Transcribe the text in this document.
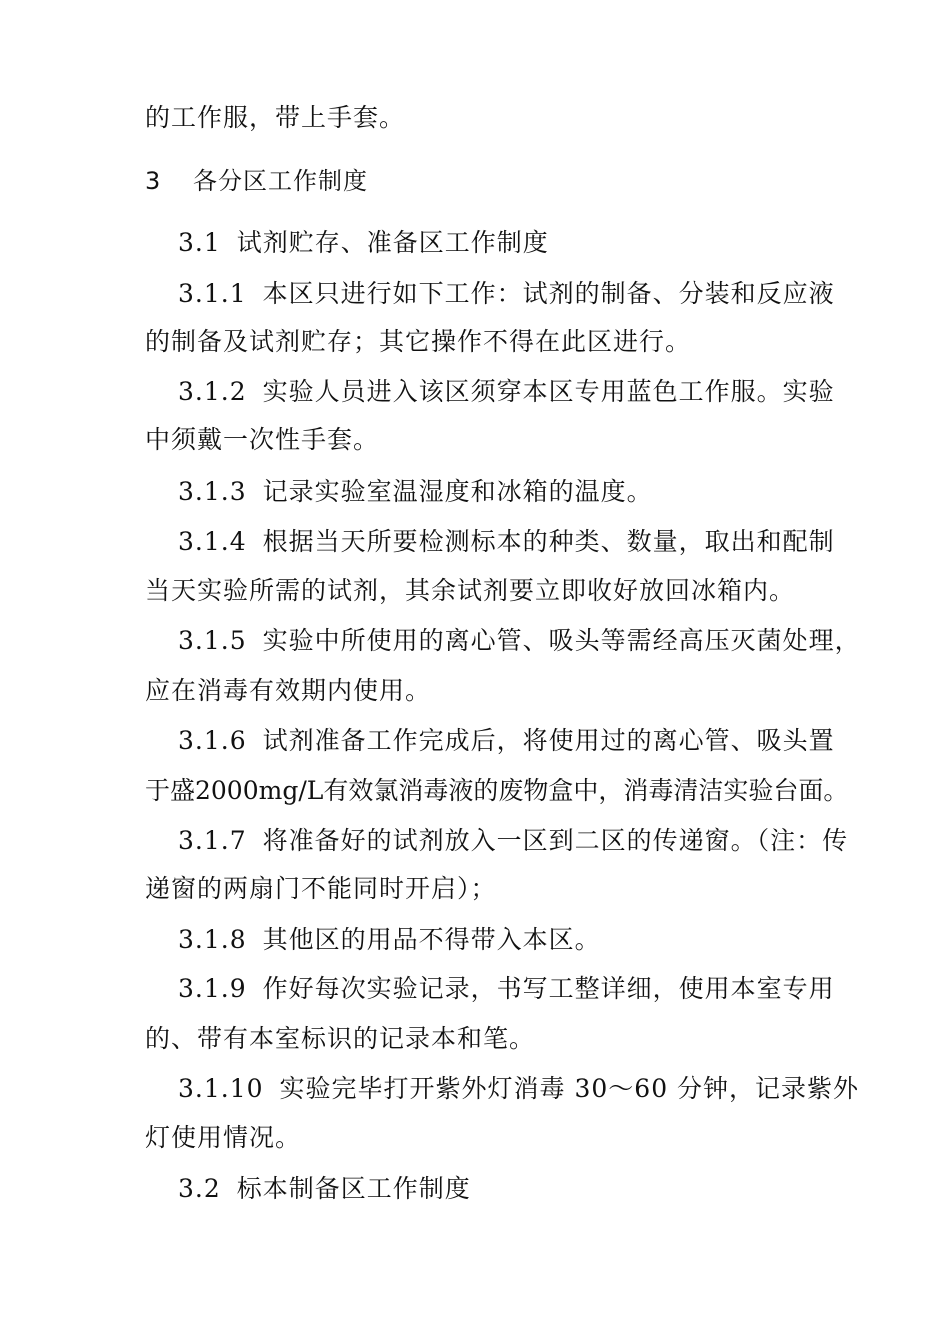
的工作服，带上手套。
3 各分区工作制度
3.1 试剂贮存、准备区工作制度
3.1.1 本区只进行如下工作：试剂的制备、分装和反应液
的制备及试剂贮存；其它操作不得在此区进行。
3.1.2 实验人员进入该区须穿本区专用蓝色工作服。实验
中须戴一次性手套。
3.1.3 记录实验室温湿度和冰箱的温度。
3.1.4 根据当天所要检测标本的种类、数量，取出和配制
当天实验所需的试剂，其余试剂要立即收好放回冰箱内。
3.1.5 实验中所使用的离心管、吸头等需经高压灭菌处理，
应在消毒有效期内使用。
3.1.6 试剂准备工作完成后，将使用过的离心管、吸头置
于盛2000mg/L有效氯消毒液的废物盒中，消毒清洁实验台面。
3.1.7 将准备好的试剂放入一区到二区的传递窗。（注：传
递窗的两扇门不能同时开启）；
3.1.8 其他区的用品不得带入本区。
3.1.9 作好每次实验记录，书写工整详细，使用本室专用
的、带有本室标识的记录本和笔。
3.1.10 实验完毕打开紫外灯消毒 30～60 分钟，记录紫外
灯使用情况。
3.2 标本制备区工作制度
